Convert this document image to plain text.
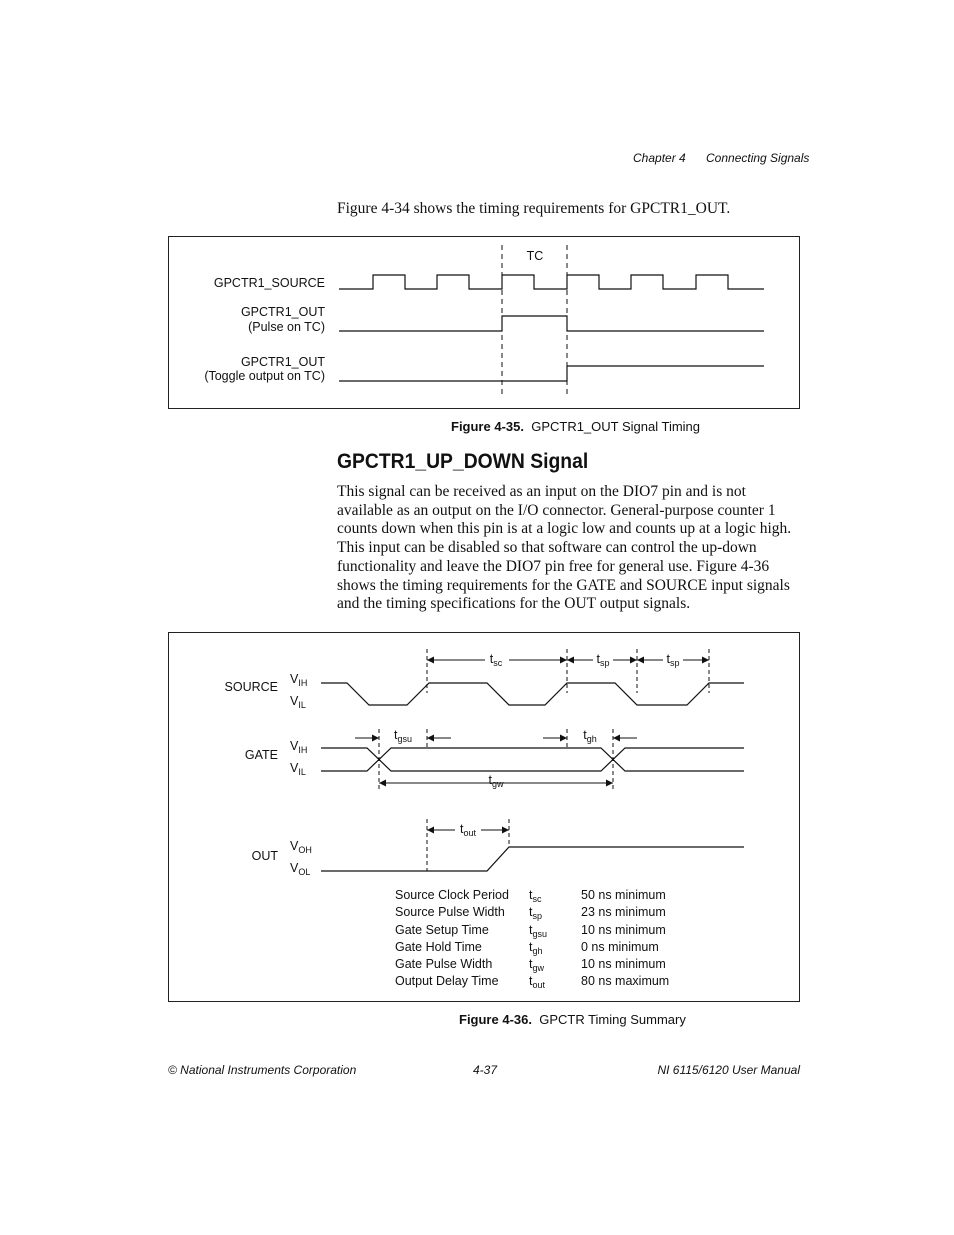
Chapter 4 Connecting Signals
Figure 4-34 shows the timing requirements for GPCTR1_OUT.
GPCTR1_SOURCE
GPCTR1_OUT
(Pulse on TC)
GPCTR1_OUT
(Toggle output on TC)
TC
Figure 4-35. GPCTR1_OUT Signal Timing
GPCTR1_UP_DOWN Signal
This signal can be received as an input on the DIO7 pin and is not available as an output on the I/O connector. General-purpose counter 1 counts down when this pin is at a logic low and counts up at a logic high. This input can be disabled so that software can control the up-down functionality and leave the DIO7 pin free for general use. Figure 4-36 shows the timing requirements for the GATE and SOURCE input signals and the timing specifications for the OUT output signals.
SOURCE
GATE
OUT
$V_{IH}$
$V_{IL}$
$V_{IH}$
$V_{IL}$
$V_{OH}$
$V_{OL}$
$t_{sc}$	$t_{sp}$	$t_{sp}$
$t_{gsu}$	$t_{gh}$
$t_{gw}$
$t_{out}$
Source Clock Period $t_{sc}$	50 ns minimum
Source Pulse Width $t_{sp}$	23 ns minimum
Gate Setup Time	$t_{gsu}$	10 ns minimum
Gate Hold Time	$t_{gh}$	0 ns minimum
Gate Pulse Width	$t_{gw}$	10 ns minimum
Output Delay Time $t_{out}$	80 ns maximum
Figure 4-36. GPCTR Timing Summary
© National Instruments Corporation	4-37	NI 6115/6120 User Manual
